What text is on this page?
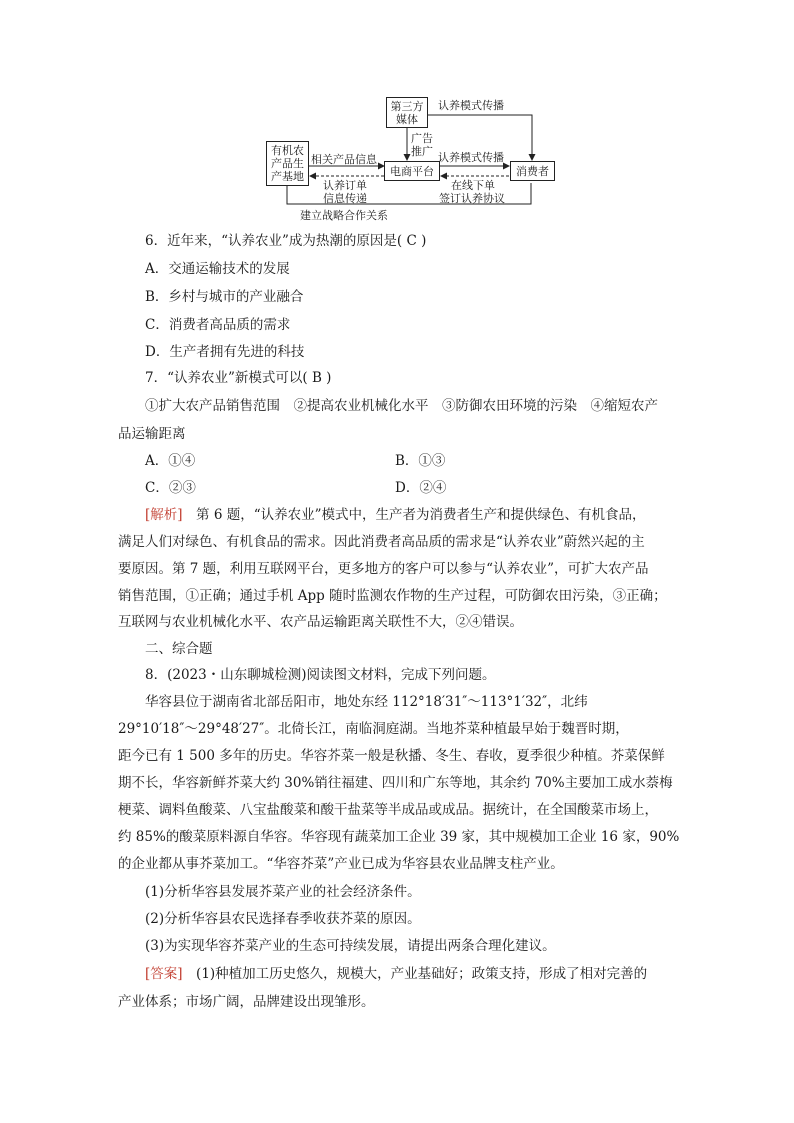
第三方媒体
有机农产品生产基地	电商平台	消费者
认养模式传播
广告推广 认养模式传播
相关产品信息
认养订单
信息传递
在线下单
签订认养协议
建立战略合作关系
6．近年来，“认养农业”成为热潮的原因是( C )
A．交通运输技术的发展
B．乡村与城市的产业融合
C．消费者高品质的需求
D．生产者拥有先进的科技
7．“认养农业”新模式可以( B )
①扩大农产品销售范围　②提高农业机械化水平　③防御农田环境的污染　④缩短农产
品运输距离
A．①④	B．①③
C．②③	D．②④
[解析]　第 6 题，“认养农业”模式中，生产者为消费者生产和提供绿色、有机食品，
满足人们对绿色、有机食品的需求。因此消费者高品质的需求是“认养农业”蔚然兴起的主
要原因。第 7 题，利用互联网平台，更多地方的客户可以参与“认养农业”，可扩大农产品
销售范围，①正确；通过手机 App 随时监测农作物的生产过程，可防御农田污染，③正确；
互联网与农业机械化水平、农产品运输距离关联性不大，②④错误。
二、综合题
8．(2023・山东聊城检测)阅读图文材料，完成下列问题。
华容县位于湖南省北部岳阳市，地处东经 112°18′31″～113°1′32″，北纬
29°10′18″～29°48′27″。北倚长江，南临洞庭湖。当地芥菜种植最早始于魏晋时期，
距今已有 1 500 多年的历史。华容芥菜一般是秋播、冬生、春收，夏季很少种植。芥菜保鲜
期不长，华容新鲜芥菜大约 30%销往福建、四川和广东等地，其余约 70%主要加工成水萘梅
梗菜、调料鱼酸菜、八宝盐酸菜和酸干盐菜等半成品或成品。据统计，在全国酸菜市场上，
约 85%的酸菜原料源自华容。华容现有蔬菜加工企业 39 家，其中规模加工企业 16 家，90%
的企业都从事芥菜加工。“华容芥菜”产业已成为华容县农业品牌支柱产业。
(1)分析华容县发展芥菜产业的社会经济条件。
(2)分析华容县农民选择春季收获芥菜的原因。
(3)为实现华容芥菜产业的生态可持续发展，请提出两条合理化建议。
[答案]　(1)种植加工历史悠久，规模大，产业基础好；政策支持，形成了相对完善的
产业体系；市场广阔，品牌建设出现雏形。
